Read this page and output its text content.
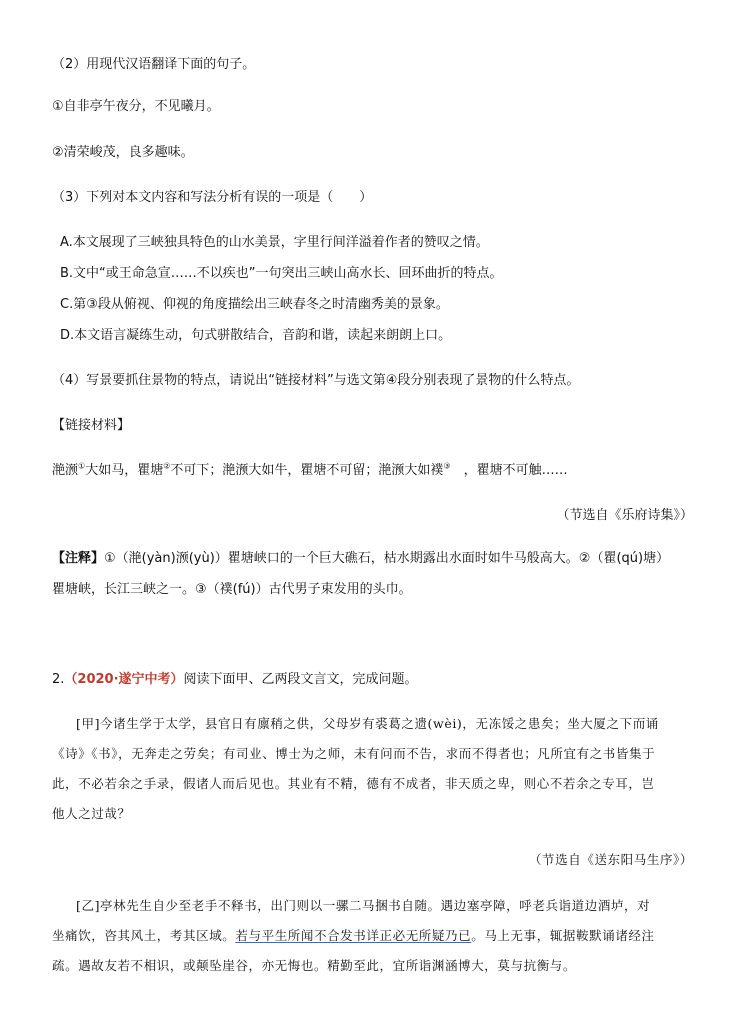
（2）用现代汉语翻译下面的句子。
①自非亭午夜分，不见曦月。
②清荣峻茂，良多趣味。
（3）下列对本文内容和写法分析有误的一项是（　　）
A.本文展现了三峡独具特色的山水美景，字里行间洋溢着作者的赞叹之情。
B.文中“或王命急宣……不以疾也”一句突出三峡山高水长、回环曲折的特点。
C.第③段从俯视、仰视的角度描绘出三峡春冬之时清幽秀美的景象。
D.本文语言凝练生动，句式骈散结合，音韵和谐，读起来朗朗上口。
（4）写景要抓住景物的特点，请说出“链接材料”与选文第④段分别表现了景物的什么特点。
【链接材料】
滟滪①大如马，瞿塘②不可下；滟滪大如牛，瞿塘不可留；滟滪大如襆③　，瞿塘不可触……
（节选自《乐府诗集》）
【注释】①（滟(yàn)滪(yù)）瞿塘峡口的一个巨大礁石，枯水期露出水面时如牛马般高大。②（瞿(qú)塘）
瞿塘峡，长江三峡之一。③（襆(fú)）古代男子束发用的头巾。
2.（2020·遂宁中考）阅读下面甲、乙两段文言文，完成问题。
[甲]今诸生学于太学，县官日有廪稍之供，父母岁有裘葛之遗(wèi)，无冻馁之患矣；坐大厦之下而诵
《诗》《书》，无奔走之劳矣；有司业、博士为之师，未有问而不告，求而不得者也；凡所宜有之书皆集于
此，不必若余之手录，假诸人而后见也。其业有不精，德有不成者，非天质之卑，则心不若余之专耳，岂
他人之过哉？
（节选自《送东阳马生序》）
[乙]亭林先生自少至老手不释书，出门则以一骡二马捆书自随。遇边塞亭障，呼老兵诣道边酒垆，对
坐痛饮，咨其风土，考其区域。若与平生所闻不合发书详正必无所疑乃已。马上无事，辄据鞍默诵诸经注
疏。遇故友若不相识，或颠坠崖谷，亦无悔也。精勤至此，宜所诣渊涵博大，莫与抗衡与。
